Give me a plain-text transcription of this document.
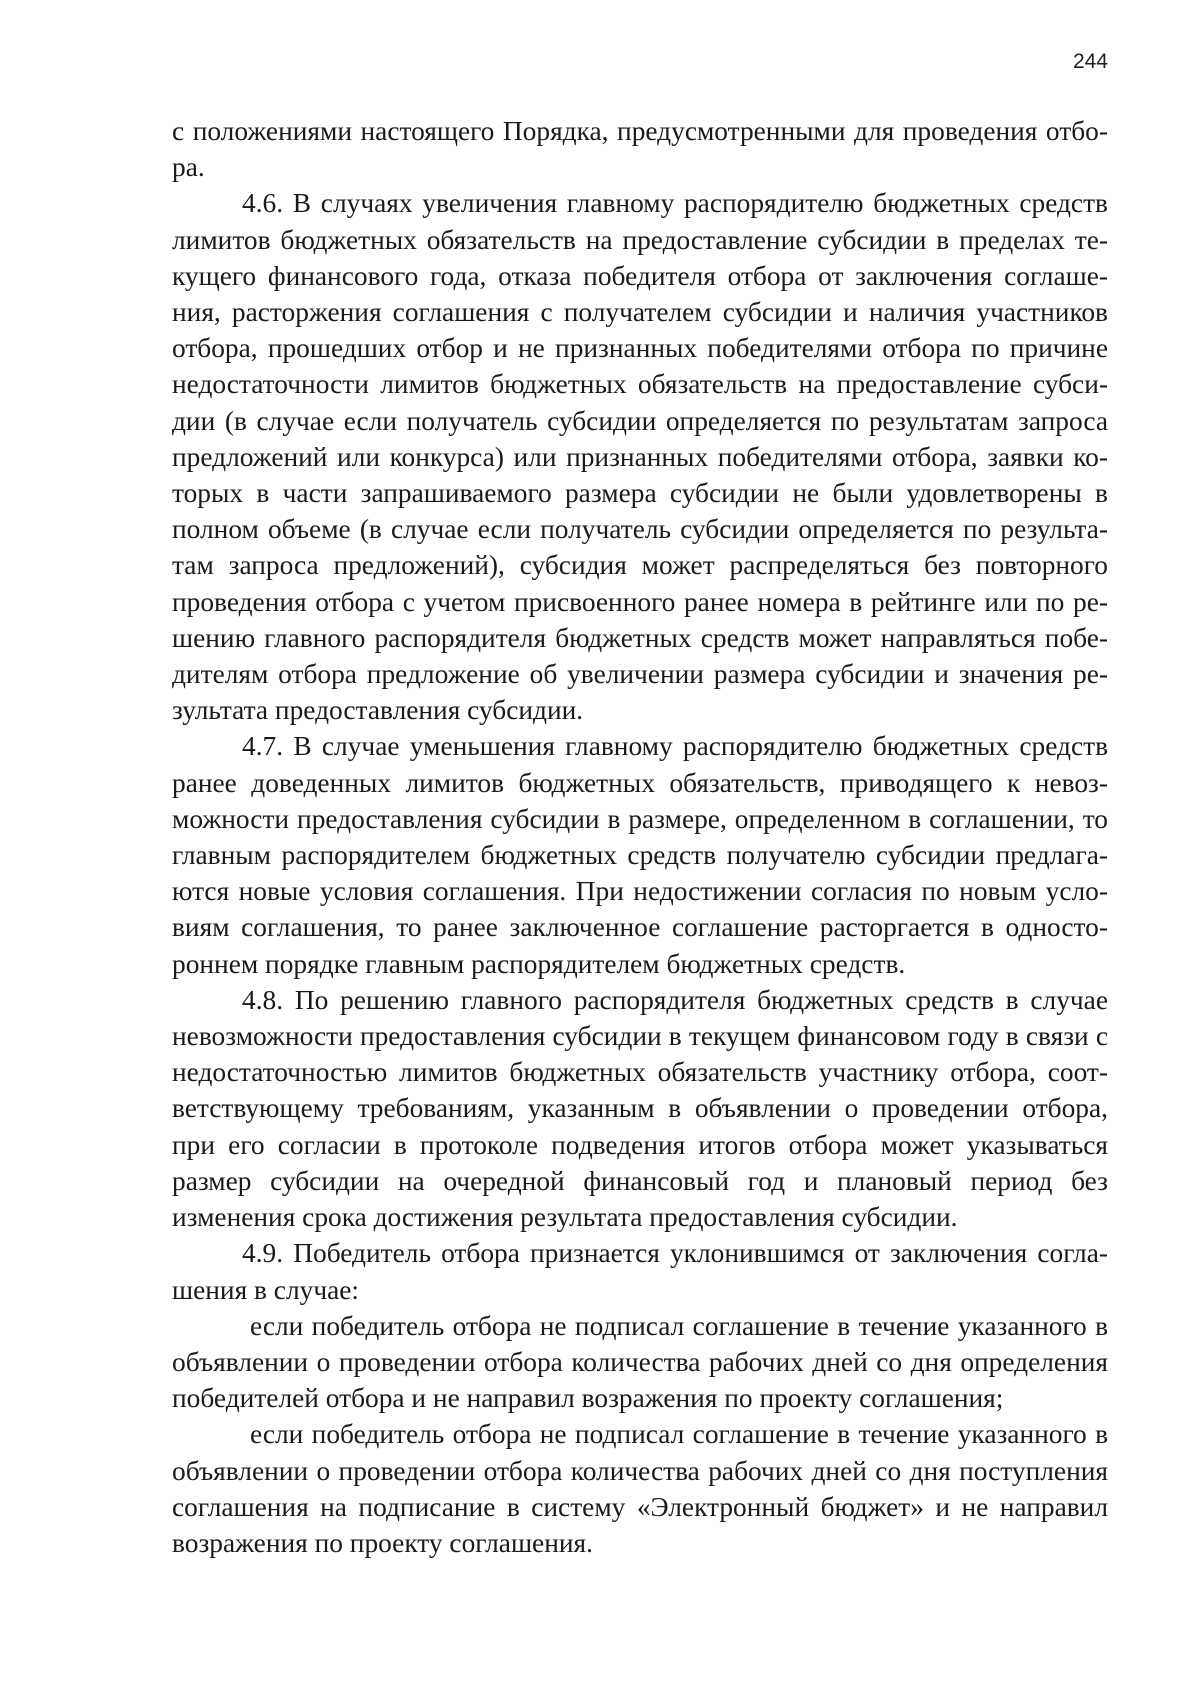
244

с положениями настоящего Порядка, предусмотренными для проведения отбора.

4.6. В случаях увеличения главному распорядителю бюджетных средств лимитов бюджетных обязательств на предоставление субсидии в пределах текущего финансового года, отказа победителя отбора от заключения соглашения, расторжения соглашения с получателем субсидии и наличия участников отбора, прошедших отбор и не признанных победителями отбора по причине недостаточности лимитов бюджетных обязательств на предоставление субсидии (в случае если получатель субсидии определяется по результатам запроса предложений или конкурса) или признанных победителями отбора, заявки которых в части запрашиваемого размера субсидии не были удовлетворены в полном объеме (в случае если получатель субсидии определяется по результатам запроса предложений), субсидия может распределяться без повторного проведения отбора с учетом присвоенного ранее номера в рейтинге или по решению главного распорядителя бюджетных средств может направляться победителям отбора предложение об увеличении размера субсидии и значения результата предоставления субсидии.

4.7. В случае уменьшения главному распорядителю бюджетных средств ранее доведенных лимитов бюджетных обязательств, приводящего к невозможности предоставления субсидии в размере, определенном в соглашении, то главным распорядителем бюджетных средств получателю субсидии предлагаются новые условия соглашения. При недостижении согласия по новым условиям соглашения, то ранее заключенное соглашение расторгается в одностороннем порядке главным распорядителем бюджетных средств.

4.8. По решению главного распорядителя бюджетных средств в случае невозможности предоставления субсидии в текущем финансовом году в связи с недостаточностью лимитов бюджетных обязательств участнику отбора, соответствующему требованиям, указанным в объявлении о проведении отбора, при его согласии в протоколе подведения итогов отбора может указываться размер субсидии на очередной финансовый год и плановый период без изменения срока достижения результата предоставления субсидии.

4.9. Победитель отбора признается уклонившимся от заключения соглашения в случае:

если победитель отбора не подписал соглашение в течение указанного в объявлении о проведении отбора количества рабочих дней со дня определения победителей отбора и не направил возражения по проекту соглашения;

если победитель отбора не подписал соглашение в течение указанного в объявлении о проведении отбора количества рабочих дней со дня поступления соглашения на подписание в систему «Электронный бюджет» и не направил возражения по проекту соглашения.
